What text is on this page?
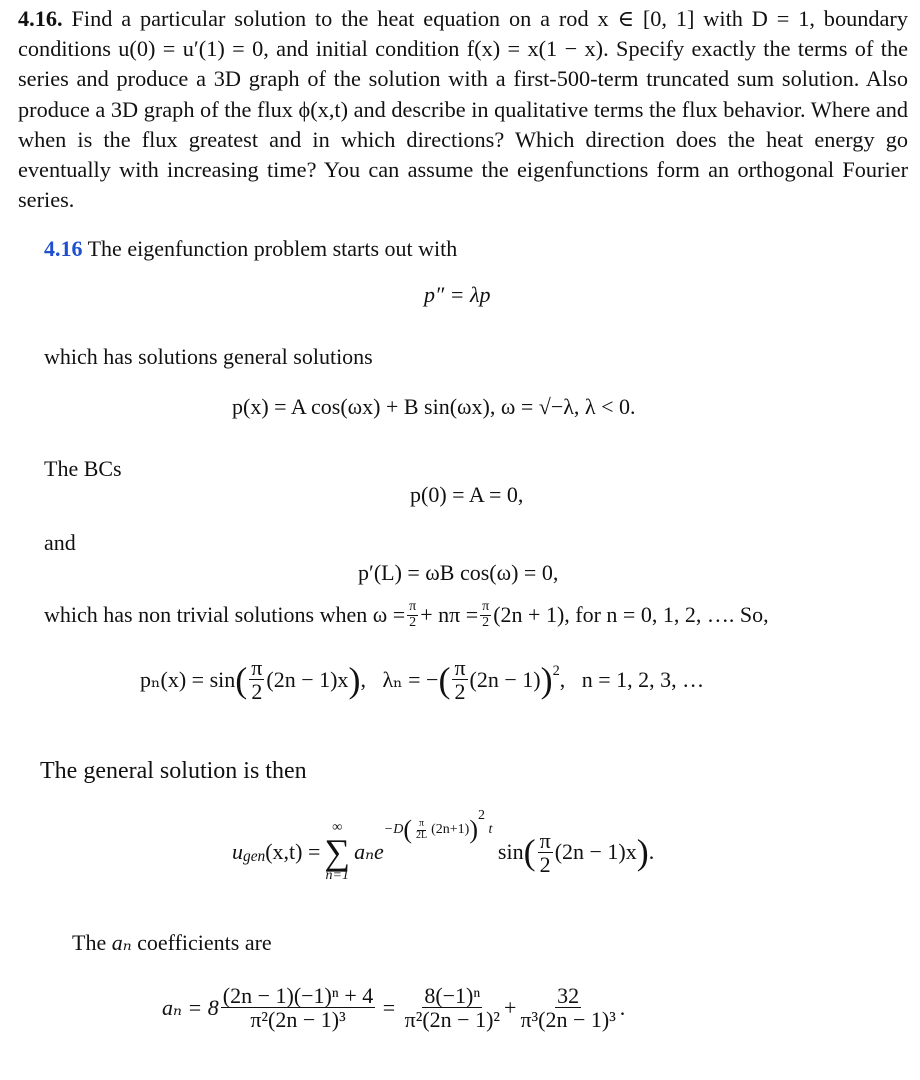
4.16. Find a particular solution to the heat equation on a rod x ∈ [0, 1] with D = 1, boundary conditions u(0) = u′(1) = 0, and initial condition f(x) = x(1 − x). Specify exactly the terms of the series and produce a 3D graph of the solution with a first-500-term truncated sum solution. Also produce a 3D graph of the flux ϕ(x,t) and describe in qualitative terms the flux behavior. Where and when is the flux greatest and in which directions? Which direction does the heat energy go eventually with increasing time? You can assume the eigenfunctions form an orthogonal Fourier series.
4.16 The eigenfunction problem starts out with
p″ = λp
which has solutions general solutions
p(x) = A cos(ωx) + B sin(ωx), ω = √−λ, λ < 0.
The BCs
p(0) = A = 0,
and
p′(L) = ωB cos(ω) = 0,
which has non trivial solutions when $\omega = \frac{\pi}{2} + n\pi = \frac{\pi}{2} (2n + 1)$, for n = 0, 1, 2, …. So,
pₙ(x) = sin ( $\frac{\pi}{2} (2n - 1)x$ ) , λₙ = − ( $\frac{\pi}{2} (2n - 1)$ ) 2 , n = 1, 2, 3, …
The general solution is then
u gen (x,t) =
∞
∑
n=1
aₙe
−D ( $\frac{\pi}{2L} (2n+1)$ ) 2

t

sin ( $\frac{\pi}{2} (2n - 1)x$ ) .
The aₙ coefficients are
$a_n = 8 \frac{\text{(2n − 1)(−1)ⁿ + 4}}{\text{π²(2n − 1)³}}$
=
$\frac{\text{8(−1)ⁿ}}{\text{π²(2n − 1)²}} + \frac{32}{\text{π³(2n − 1)³}}$ .
